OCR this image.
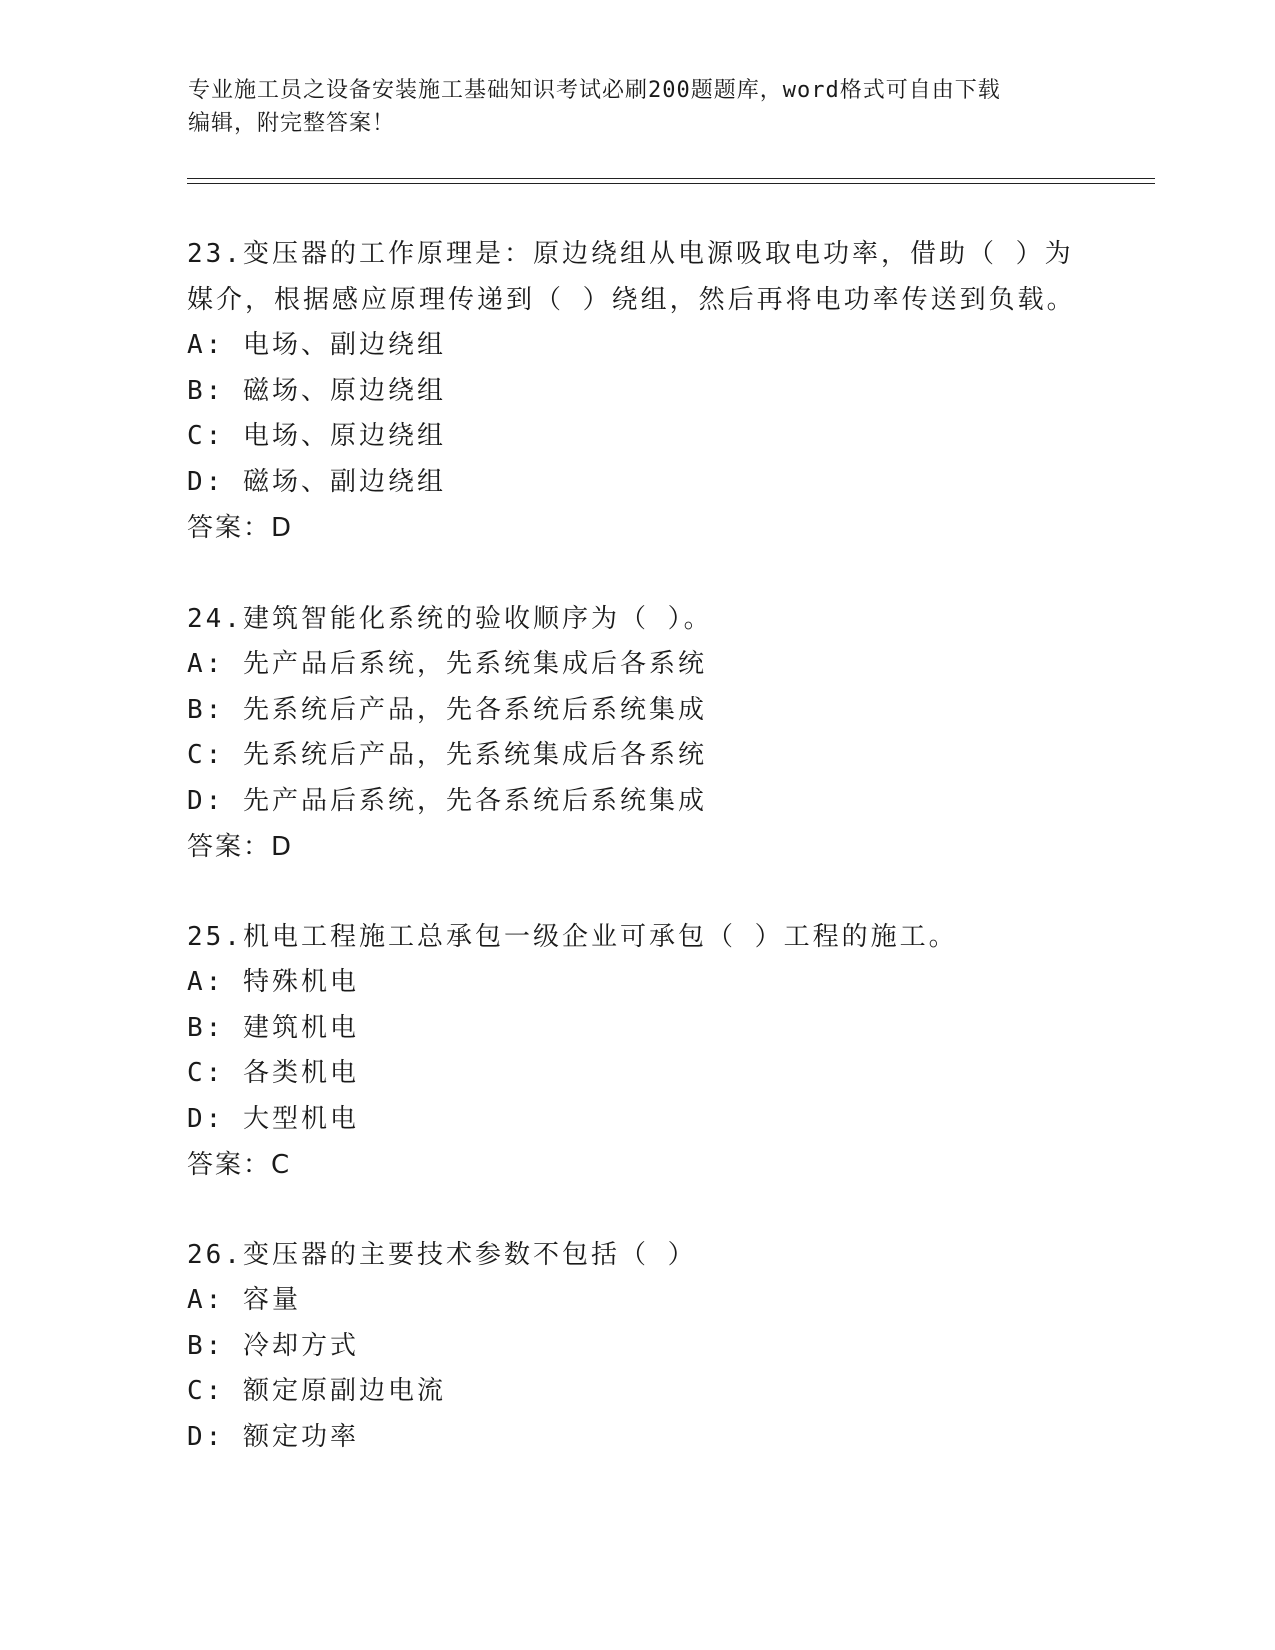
专业施工员之设备安装施工基础知识考试必刷200题题库，word格式可自由下载
编辑，附完整答案！

23.变压器的工作原理是：原边绕组从电源吸取电功率，借助（ ）为
媒介，根据感应原理传递到（ ）绕组，然后再将电功率传送到负载。

A: 电场、副边绕组
B: 磁场、原边绕组
C: 电场、原边绕组
D: 磁场、副边绕组
答案：D

24.建筑智能化系统的验收顺序为（ ）。

A: 先产品后系统，先系统集成后各系统
B: 先系统后产品，先各系统后系统集成
C: 先系统后产品，先系统集成后各系统
D: 先产品后系统，先各系统后系统集成
答案：D

25.机电工程施工总承包一级企业可承包（ ）工程的施工。

A: 特殊机电
B: 建筑机电
C: 各类机电
D: 大型机电
答案：C

26.变压器的主要技术参数不包括（ ）

A: 容量
B: 冷却方式
C: 额定原副边电流
D: 额定功率
